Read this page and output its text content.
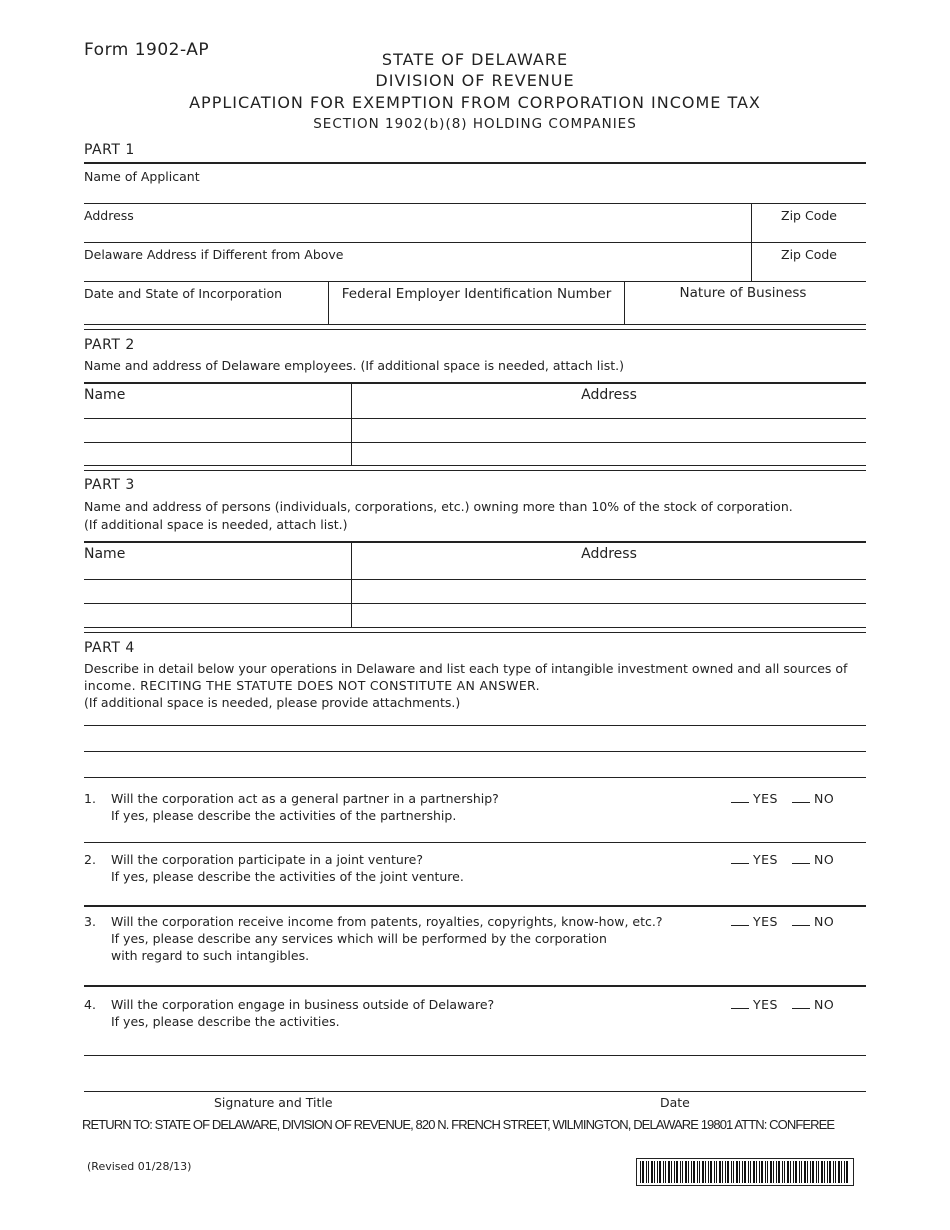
Form 1902-AP	STATE OF DELAWARE
DIVISION OF REVENUE
APPLICATION FOR EXEMPTION FROM CORPORATION INCOME TAX
SECTION 1902(b)(8) HOLDING COMPANIES
PART 1
Name of Applicant
Address	Zip Code
Delaware Address if Different from Above	Zip Code
Date and State of Incorporation	Federal Employer Identification Number	Nature of Business
PART 2
Name and address of Delaware employees. (If additional space is needed, attach list.)
Name	Address
PART 3
Name and address of persons (individuals, corporations, etc.) owning more than 10% of the stock of corporation.
(If additional space is needed, attach list.)
Name	Address
PART 4
Describe in detail below your operations in Delaware and list each type of intangible investment owned and all sources of
income. RECITING THE STATUTE DOES NOT CONSTITUTE AN ANSWER.
(If additional space is needed, please provide attachments.)
1. Will the corporation act as a general partner in a partnership?
If yes, please describe the activities of the partnership.
YES	NO
2. Will the corporation participate in a joint venture?
If yes, please describe the activities of the joint venture.
YES	NO
3. Will the corporation receive income from patents, royalties, copyrights, know-how, etc.?
If yes, please describe any services which will be performed by the corporation
with regard to such intangibles.
YES	NO
4. Will the corporation engage in business outside of Delaware?
If yes, please describe the activities.
YES	NO
Signature and Title	Date
RETURN TO: STATE OF DELAWARE, DIVISION OF REVENUE, 820 N. FRENCH STREET, WILMINGTON, DELAWARE 19801 ATTN: CONFEREE
(Revised 01/28/13)
